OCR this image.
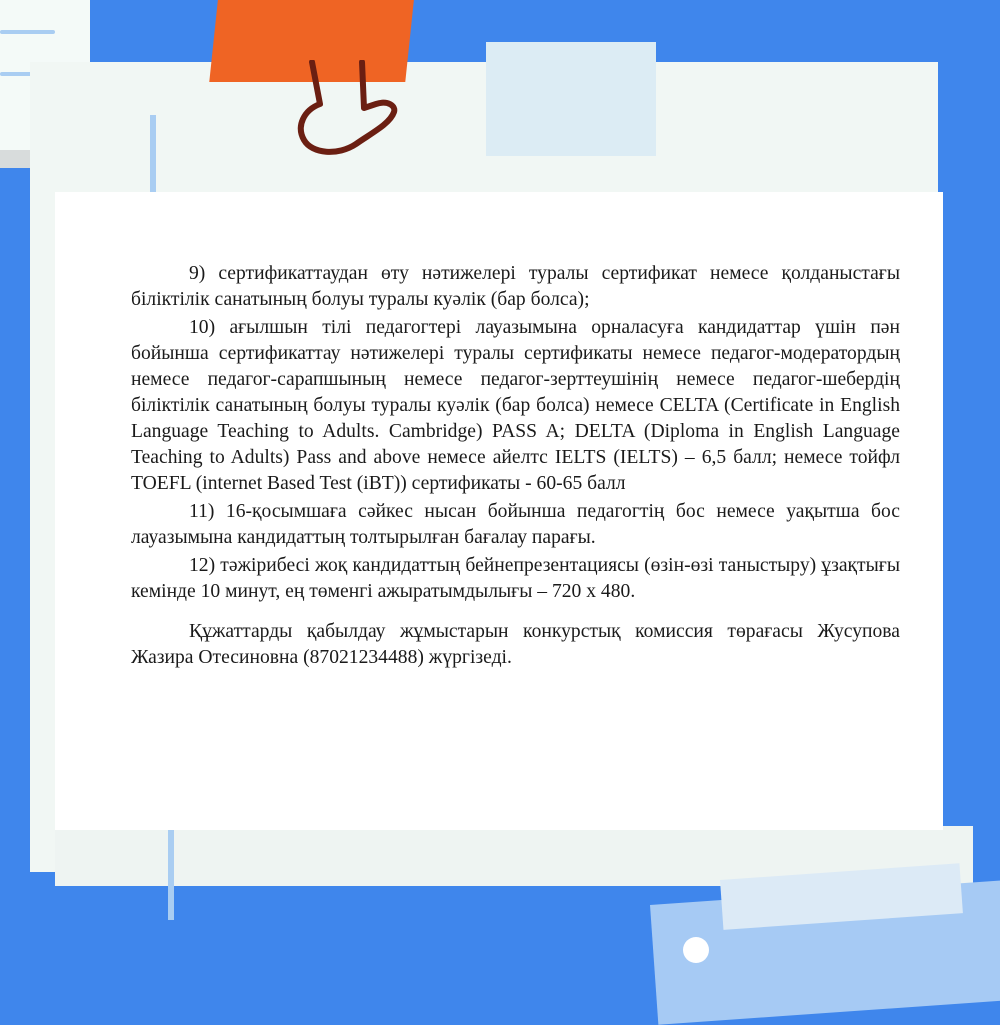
9) сертификаттаудан өту нәтижелері туралы сертификат немесе қолданыстағы біліктілік санатының болуы туралы куәлік (бар болса);

10) ағылшын тілі педагогтері лауазымына орналасуға кандидаттар үшін пән бойынша сертификаттау нәтижелері туралы сертификаты немесе педагог-модератордың немесе педагог-сарапшының немесе педагог-зерттеушінің немесе педагог-шебердің біліктілік санатының болуы туралы куәлік (бар болса) немесе CELTA (Certificate in English Language Teaching to Adults. Cambridge) PASS A; DELTA (Diploma in English Language Teaching to Adults) Pass and above немесе айелтс IELTS (IELTS) – 6,5 балл; немесе тойфл TOEFL (internet Based Test (iBT)) сертификаты - 60-65 балл

11) 16-қосымшаға сәйкес нысан бойынша педагогтің бос немесе уақытша бос лауазымына кандидаттың толтырылған бағалау парағы.

12) тәжірибесі жоқ кандидаттың бейнепрезентациясы (өзін-өзі таныстыру) ұзақтығы кемінде 10 минут, ең төменгі ажыратымдылығы – 720 х 480.

Құжаттарды қабылдау жұмыстарын конкурстық комиссия төрағасы Жусупова Жазира Отесиновна (87021234488) жүргізеді.
